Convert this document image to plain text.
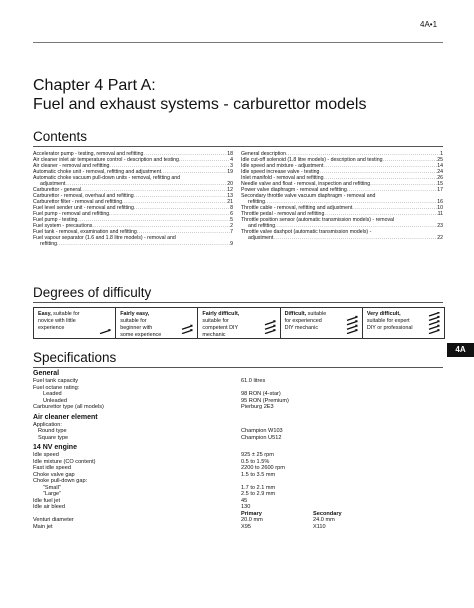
4A•1
Chapter 4 Part A:
Fuel and exhaust systems - carburettor models
Contents
Accelerator pump - testing, removal and refitting .....	18
Air cleaner inlet air temperature control - description and testing .....	4
Air cleaner - removal and refitting .....	3
Automatic choke unit - removal, refitting and adjustment .....	19
Automatic choke vacuum pull-down units - removal, refitting and
adjustment .....	20
Carburettor - general .....	12
Carburettor - removal, overhaul and refitting .....	13
Carburettor filter - removal and refitting .....	21
Fuel level sender unit - removal and refitting .....	8
Fuel pump - removal and refitting .....	6
Fuel pump - testing .....	5
Fuel system - precautions .....	2
Fuel tank - removal, examination and refitting .....	7
Fuel vapour separator (1.6 and 1.8 litre models) - removal and
refitting .....	9
General description .....	1
Idle cut-off solenoid (1.8 litre models) - description and testing .....	25
Idle speed and mixture - adjustment .....	14
Idle speed increase valve - testing .....	24
Inlet manifold - removal and refitting .....	26
Needle valve and float - removal, inspection and refitting .....	15
Power valve diaphragm - removal and refitting .....	17
Secondary throttle valve vacuum diaphragm - removal and
refitting .....	16
Throttle cable - removal, refitting and adjustment .....	10
Throttle pedal - removal and refitting .....	11
Throttle position sensor (automatic transmission models) - removal
and refitting .....	23
Throttle valve dashpot (automatic transmission models) -
adjustment .....	22
Degrees of difficulty
Easy, suitable for novice with little experience
Fairly easy, suitable for beginner with some experience
Fairly difficult, suitable for competent DIY mechanic
Difficult, suitable for experienced DIY mechanic
Very difficult, suitable for expert DIY or professional
4A
Specifications
General
Fuel tank capacity	61.0 litres
Fuel octane rating:
Leaded	98 RON (4-star)
Unleaded	95 RON (Premium)
Carburettor type (all models)	Pierburg 2E3
Air cleaner element
Application:
Round type	Champion W103
Square type	Champion U512
14 NV engine
Idle speed	925 ± 25 rpm
Idle mixture (CO content)	0.5 to 1.5%
Fast idle speed	2200 to 2600 rpm
Choke valve gap	1.5 to 3.5 mm
Choke pull-down gap:
“Small”	1.7 to 2.1 mm
“Large”	2.5 to 2.9 mm
Idle fuel jet	45
Idle air bleed	130
Primary	Secondary
Venturi diameter	20.0 mm	24.0 mm
Main jet	X95	X110
